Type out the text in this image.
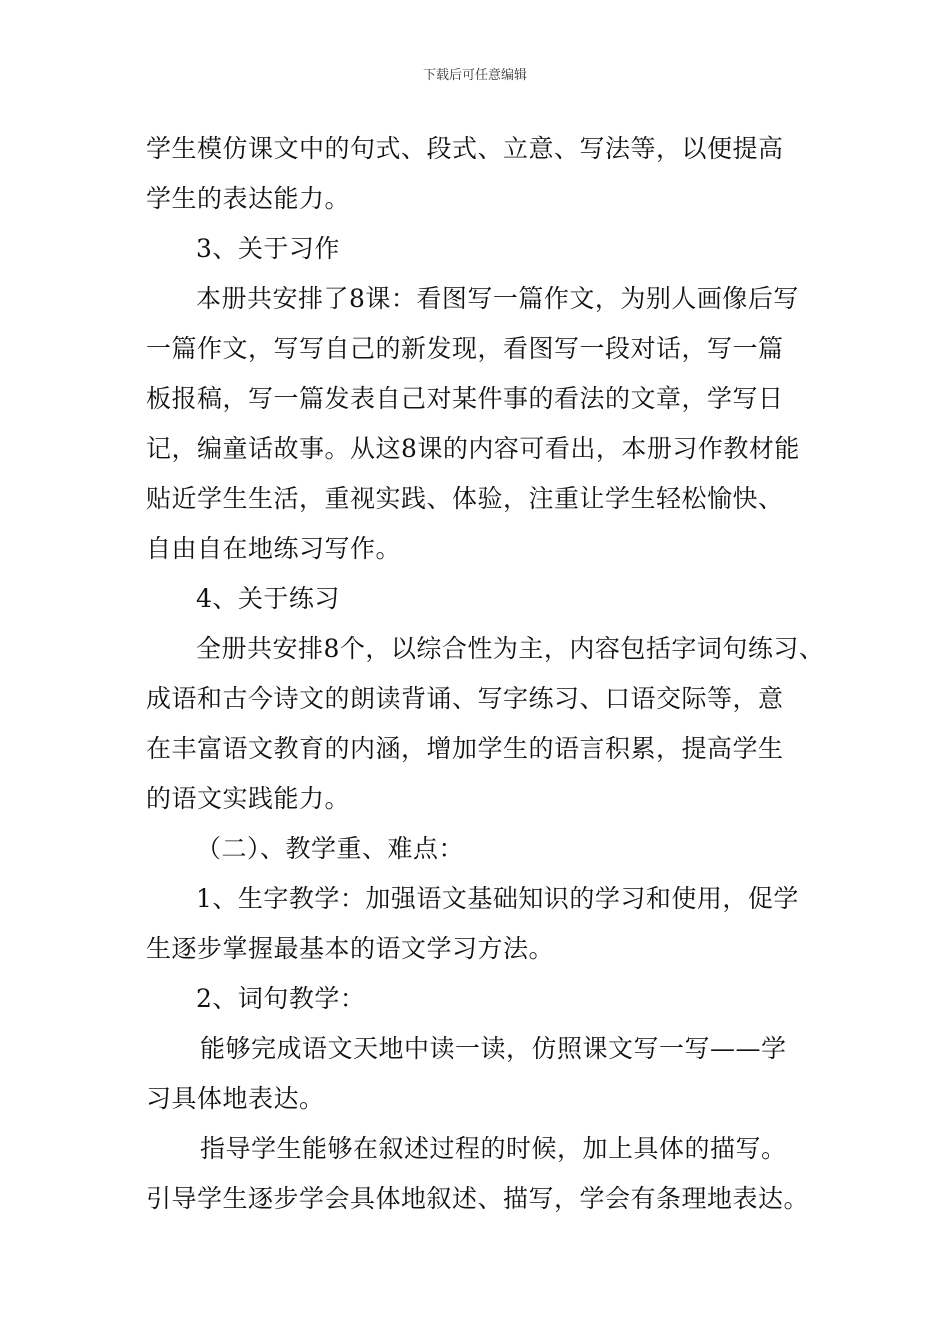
下载后可任意编辑
学生模仿课文中的句式、段式、立意、写法等，以便提高
学生的表达能力。
3、关于习作
本册共安排了8课：看图写一篇作文，为别人画像后写
一篇作文，写写自己的新发现，看图写一段对话，写一篇
板报稿，写一篇发表自己对某件事的看法的文章，学写日
记，编童话故事。从这8课的内容可看出，本册习作教材能
贴近学生生活，重视实践、体验，注重让学生轻松愉快、
自由自在地练习写作。
4、关于练习
全册共安排8个，以综合性为主，内容包括字词句练习、
成语和古今诗文的朗读背诵、写字练习、口语交际等，意
在丰富语文教育的内涵，增加学生的语言积累，提高学生
的语文实践能力。
（二）、教学重、难点：
1、生字教学：加强语文基础知识的学习和使用，促学
生逐步掌握最基本的语文学习方法。
2、词句教学：
能够完成语文天地中读一读，仿照课文写一写——学
习具体地表达。
指导学生能够在叙述过程的时候，加上具体的描写。
引导学生逐步学会具体地叙述、描写，学会有条理地表达。
